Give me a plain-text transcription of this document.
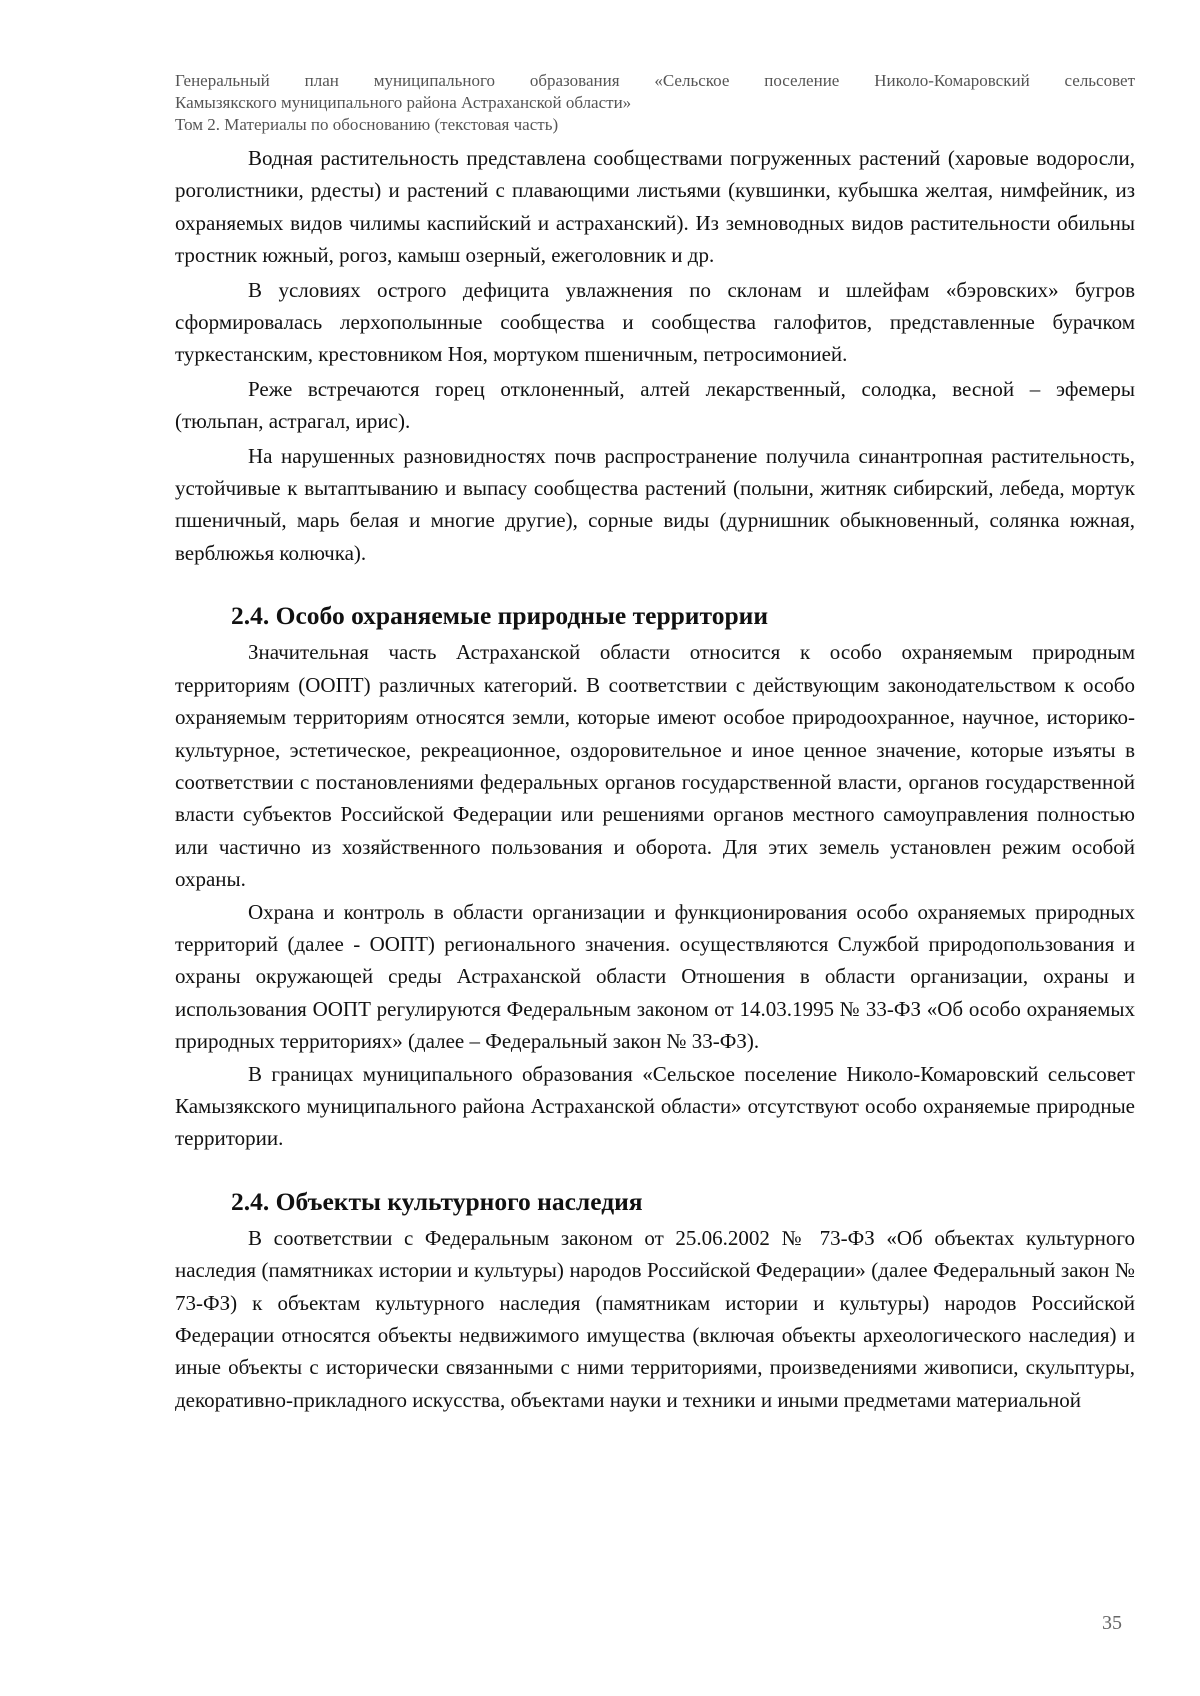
Генеральный план муниципального образования «Сельское поселение Николо-Комаровский сельсовет
Камызякского муниципального района Астраханской области»
Том 2. Материалы по обоснованию (текстовая часть)

Водная растительность представлена сообществами погруженных растений (харовые водоросли, роголистники, рдесты) и растений с плавающими листьями (кувшинки, кубышка желтая, нимфейник, из охраняемых видов чилимы каспийский и астраханский). Из земноводных видов растительности обильны тростник южный, рогоз, камыш озерный, ежеголовник и др.

В условиях острого дефицита увлажнения по склонам и шлейфам «бэровских» бугров сформировалась лерхополынные сообщества и сообщества галофитов, представленные бурачком туркестанским, крестовником Ноя, мортуком пшеничным, петросимонией.

Реже встречаются горец отклоненный, алтей лекарственный, солодка, весной – эфемеры (тюльпан, астрагал, ирис).

На нарушенных разновидностях почв распространение получила синантропная растительность, устойчивые к вытаптыванию и выпасу сообщества растений (полыни, житняк сибирский, лебеда, мортук пшеничный, марь белая и многие другие), сорные виды (дурнишник обыкновенный, солянка южная, верблюжья колючка).

2.4. Особо охраняемые природные территории

Значительная часть Астраханской области относится к особо охраняемым природным территориям (ООПТ) различных категорий. В соответствии с действующим законодательством к особо охраняемым территориям относятся земли, которые имеют особое природоохранное, научное, историко-культурное, эстетическое, рекреационное, оздоровительное и иное ценное значение, которые изъяты в соответствии с постановлениями федеральных органов государственной власти, органов государственной власти субъектов Российской Федерации или решениями органов местного самоуправления полностью или частично из хозяйственного пользования и оборота. Для этих земель установлен режим особой охраны.

Охрана и контроль в области организации и функционирования особо охраняемых природных территорий (далее - ООПТ) регионального значения. осуществляются Службой природопользования и охраны окружающей среды Астраханской области Отношения в области организации, охраны и использования ООПТ регулируются Федеральным законом от 14.03.1995 № 33-ФЗ «Об особо охраняемых природных территориях» (далее – Федеральный закон № 33-ФЗ).

В границах муниципального образования «Сельское поселение Николо-Комаровский сельсовет Камызякского муниципального района Астраханской области» отсутствуют особо охраняемые природные территории.

2.4. Объекты культурного наследия

В соответствии с Федеральным законом от 25.06.2002 № 73-ФЗ «Об объектах культурного наследия (памятниках истории и культуры) народов Российской Федерации» (далее Федеральный закон № 73-ФЗ) к объектам культурного наследия (памятникам истории и культуры) народов Российской Федерации относятся объекты недвижимого имущества (включая объекты археологического наследия) и иные объекты с исторически связанными с ними территориями, произведениями живописи, скульптуры, декоративно-прикладного искусства, объектами науки и техники и иными предметами материальной

35
